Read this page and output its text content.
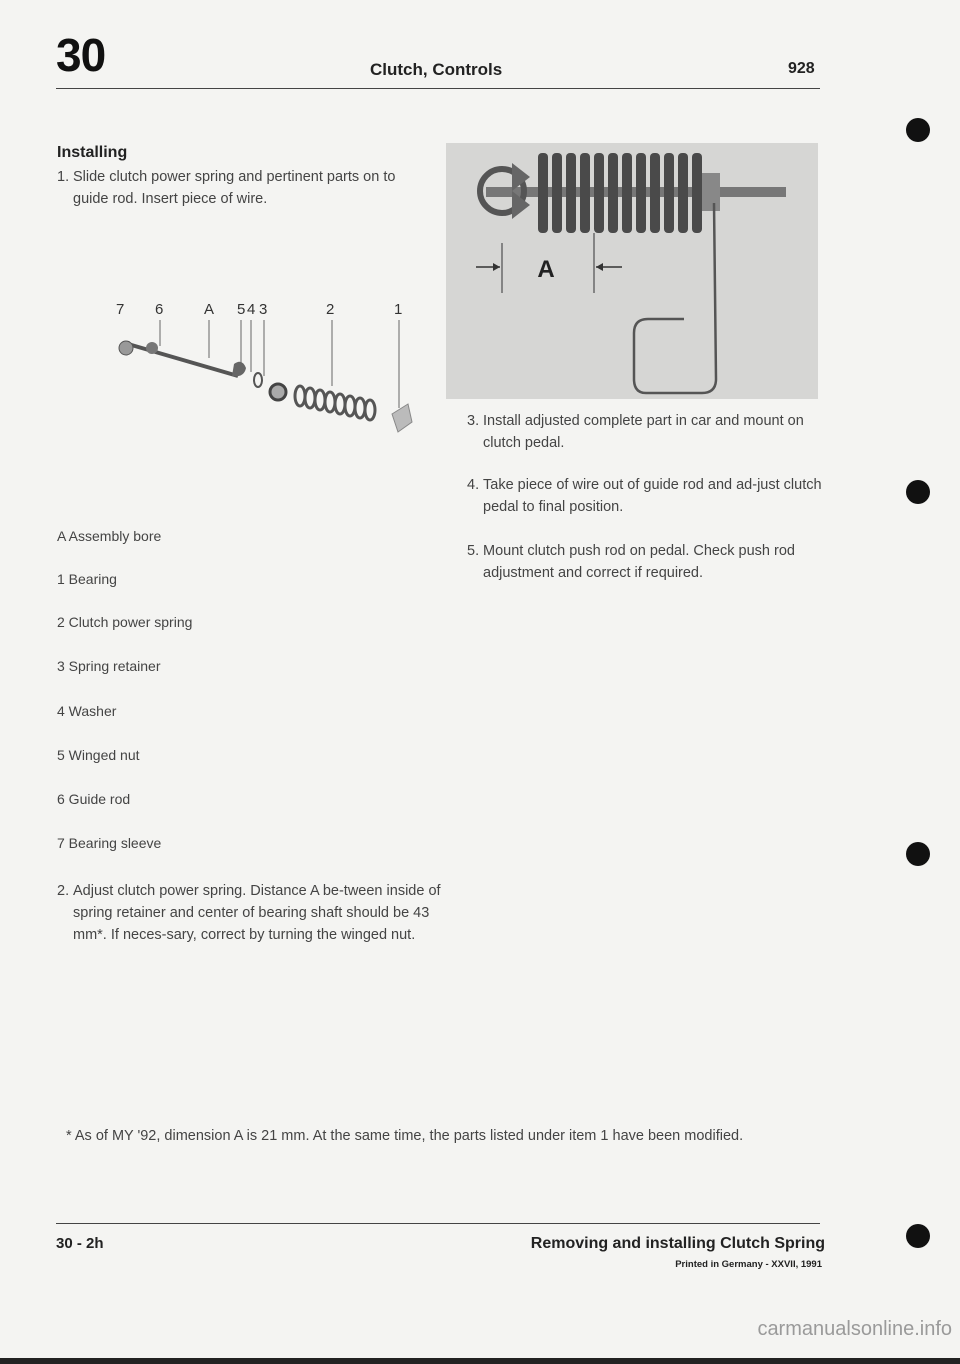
30	Clutch, Controls	928
Installing
1. Slide clutch power spring and pertinent parts on to guide rod. Insert piece of wire.
7 6	A 5 4 3	2	1
A Assembly bore
1 Bearing
2 Clutch power spring
3 Spring retainer
4 Washer
5 Winged nut
6 Guide rod
7 Bearing sleeve
2. Adjust clutch power spring. Distance A be-tween inside of spring retainer and center of bearing shaft should be 43 mm*. If neces-sary, correct by turning the winged nut.
A
3. Install adjusted complete part in car and mount on clutch pedal.
4. Take piece of wire out of guide rod and ad-just clutch pedal to final position.
5. Mount clutch push rod on pedal. Check push rod adjustment and correct if required.
* As of MY '92, dimension A is 21 mm. At the same time, the parts listed under item 1 have been modified.
30 - 2h	Removing and installing Clutch Spring
Printed in Germany - XXVII, 1991
carmanualsonline.info
